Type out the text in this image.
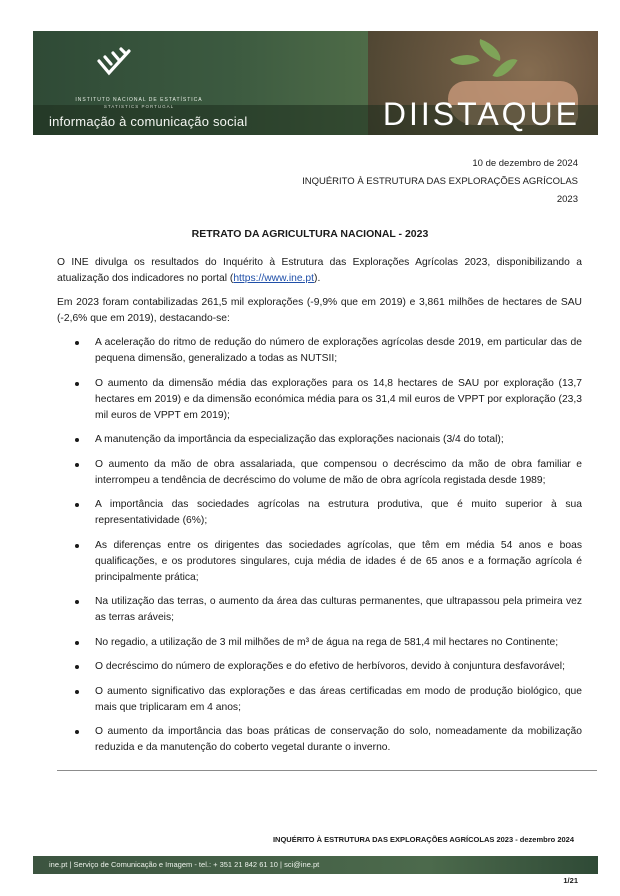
INSTITUTO NACIONAL DE ESTATÍSTICA
STATISTICS PORTUGAL
informação à comunicação social	DIISTAQUE
10 de dezembro de 2024
INQUÉRITO À ESTRUTURA DAS EXPLORAÇÕES AGRÍCOLAS
2023
RETRATO DA AGRICULTURA NACIONAL - 2023

O INE divulga os resultados do Inquérito à Estrutura das Explorações Agrícolas 2023, disponibilizando a atualização dos indicadores no portal (https://www.ine.pt).

Em 2023 foram contabilizadas 261,5 mil explorações (-9,9% que em 2019) e 3,861 milhões de hectares de SAU (-2,6% que em 2019), destacando-se:

A aceleração do ritmo de redução do número de explorações agrícolas desde 2019, em particular das de pequena dimensão, generalizado a todas as NUTSII;
O aumento da dimensão média das explorações para os 14,8 hectares de SAU por exploração (13,7 hectares em 2019) e da dimensão económica média para os 31,4 mil euros de VPPT por exploração (23,3 mil euros de VPPT em 2019);
A manutenção da importância da especialização das explorações nacionais (3/4 do total);
O aumento da mão de obra assalariada, que compensou o decréscimo da mão de obra familiar e interrompeu a tendência de decréscimo do volume de mão de obra agrícola registada desde 1989;
A importância das sociedades agrícolas na estrutura produtiva, que é muito superior à sua representatividade (6%);
As diferenças entre os dirigentes das sociedades agrícolas, que têm em média 54 anos e boas qualificações, e os produtores singulares, cuja média de idades é de 65 anos e a formação agrícola é principalmente prática;
Na utilização das terras, o aumento da área das culturas permanentes, que ultrapassou pela primeira vez as terras aráveis;
No regadio, a utilização de 3 mil milhões de m³ de água na rega de 581,4 mil hectares no Continente;
O decréscimo do número de explorações e do efetivo de herbívoros, devido à conjuntura desfavorável;
O aumento significativo das explorações e das áreas certificadas em modo de produção biológico, que mais que triplicaram em 4 anos;
O aumento da importância das boas práticas de conservação do solo, nomeadamente da mobilização reduzida e da manutenção do coberto vegetal durante o inverno.
INQUÉRITO À ESTRUTURA DAS EXPLORAÇÕES AGRÍCOLAS 2023 - dezembro 2024
ine.pt | Serviço de Comunicação e Imagem - tel.: + 351 21 842 61 10 | sci@ine.pt
1/21
